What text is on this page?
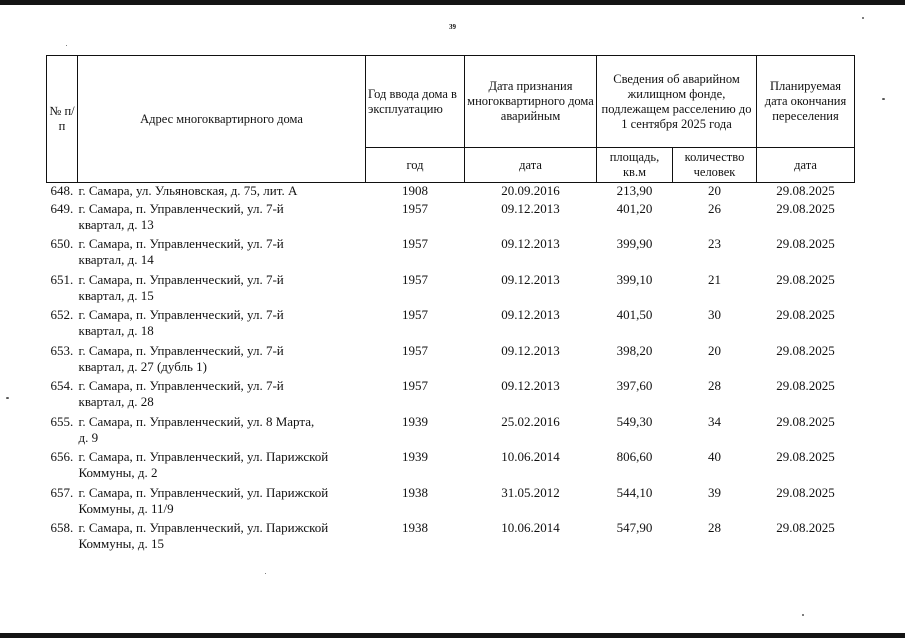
39
№ п/п	Адрес многоквартирного дома	Год ввода дома в эксплуатацию	Дата признания многоквартирного дома аварийным	Сведения об аварийном жилищном фонде, подлежащем расселению до 1 сентября 2025 года		Планируемая дата окончания переселения
		год	дата	площадь, кв.м	количество человек	дата
648. г. Самара, ул. Ульяновская, д. 75, лит. А		1908	20.09.2016	213,90	20	29.08.2025
649. г. Самара, п. Управленческий, ул. 7-й
квартал, д. 13		1957	09.12.2013	401,20	26	29.08.2025
650. г. Самара, п. Управленческий, ул. 7-й
квартал, д. 14		1957	09.12.2013	399,90	23	29.08.2025
651. г. Самара, п. Управленческий, ул. 7-й
квартал, д. 15		1957	09.12.2013	399,10	21	29.08.2025
652. г. Самара, п. Управленческий, ул. 7-й
квартал, д. 18		1957	09.12.2013	401,50	30	29.08.2025
653. г. Самара, п. Управленческий, ул. 7-й
квартал, д. 27 (дубль 1)		1957	09.12.2013	398,20	20	29.08.2025
654. г. Самара, п. Управленческий, ул. 7-й
квартал, д. 28		1957	09.12.2013	397,60	28	29.08.2025
655. г. Самара, п. Управленческий, ул. 8 Марта,
д. 9		1939	25.02.2016	549,30	34	29.08.2025
656. г. Самара, п. Управленческий, ул. Парижской
Коммуны, д. 2		1939	10.06.2014	806,60	40	29.08.2025
657. г. Самара, п. Управленческий, ул. Парижской
Коммуны, д. 11/9		1938	31.05.2012	544,10	39	29.08.2025
658. г. Самара, п. Управленческий, ул. Парижской
Коммуны, д. 15		1938	10.06.2014	547,90	28	29.08.2025
